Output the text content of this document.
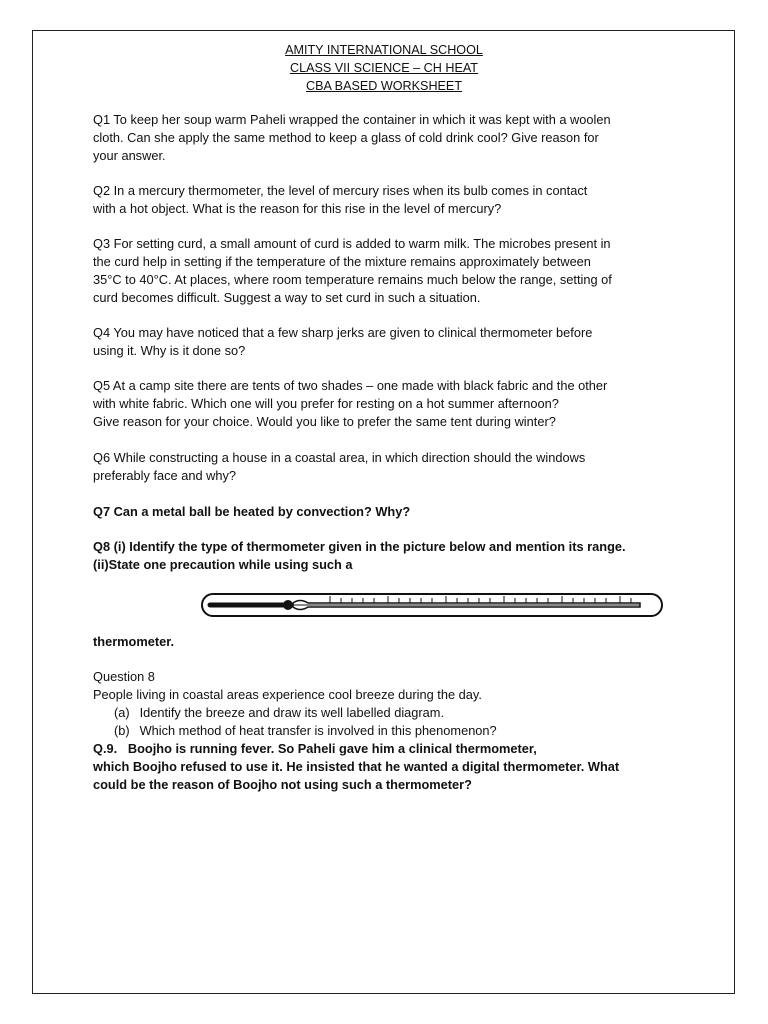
AMITY INTERNATIONAL SCHOOL
CLASS VII SCIENCE – CH HEAT
CBA BASED WORKSHEET
Q1 To keep her soup warm Paheli wrapped the container in which it was kept with a woolen
cloth. Can she apply the same method to keep a glass of cold drink cool? Give reason for
your answer.
Q2 In a mercury thermometer, the level of mercury rises when its bulb comes in contact
with a hot object. What is the reason for this rise in the level of mercury?
Q3 For setting curd, a small amount of curd is added to warm milk. The microbes present in
the curd help in setting if the temperature of the mixture remains approximately between
35°C to 40°C. At places, where room temperature remains much below the range, setting of
curd becomes difficult. Suggest a way to set curd in such a situation.
Q4 You may have noticed that a few sharp jerks are given to clinical thermometer before
using it. Why is it done so?
Q5 At a camp site there are tents of two shades – one made with black fabric and the other
with white fabric. Which one will you prefer for resting on a hot summer afternoon?
Give reason for your choice. Would you like to prefer the same tent during winter?
Q6 While constructing a house in a coastal area, in which direction should the windows
preferably face and why?
Q7 Can a metal ball be heated by convection? Why?
Q8 (i) Identify the type of thermometer given in the picture below and mention its range.
(ii)State one precaution while using such a
thermometer.
Question 8
People living in coastal areas experience cool breeze during the day.
(a) Identify the breeze and draw its well labelled diagram.
(b) Which method of heat transfer is involved in this phenomenon?
Q.9.   Boojho is running fever. So Paheli gave him a clinical thermometer,
which Boojho refused to use it. He insisted that he wanted a digital thermometer. What
could be the reason of Boojho not using such a thermometer?
